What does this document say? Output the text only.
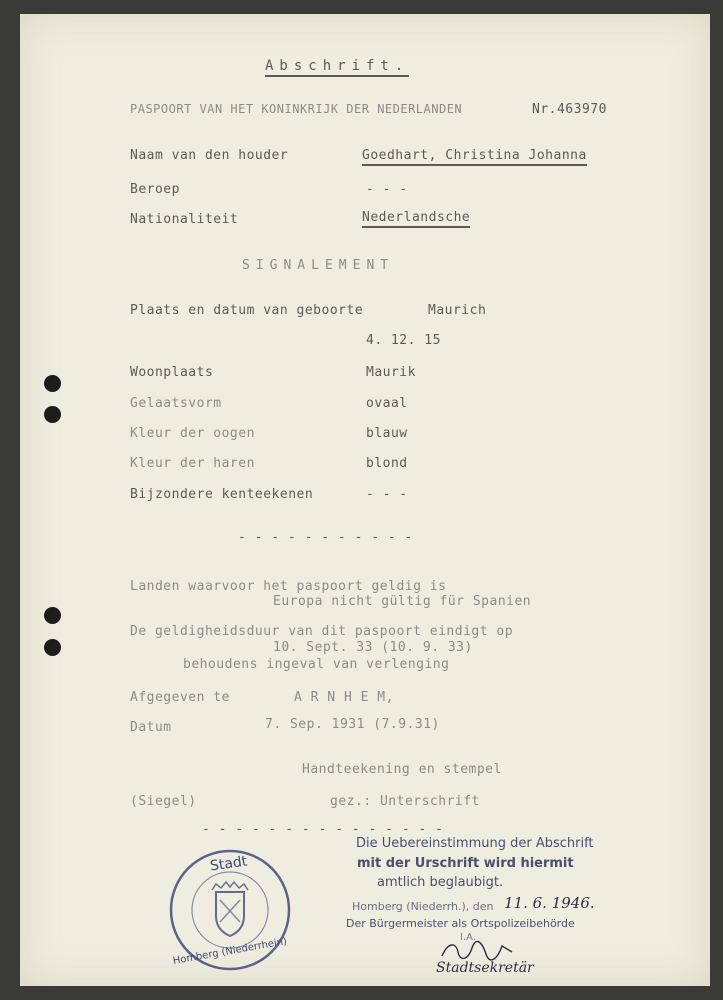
Abschrift.
PASPOORT VAN HET KONINKRIJK DER NEDERLANDEN	Nr.463970
Naam van den houder	Goedhart, Christina Johanna
Beroep	- - -
Nationaliteit	Nederlandsche
SIGNALEMENT
Plaats en datum van geboorte	Maurich
4. 12. 15
Woonplaats	Maurik
Gelaatsvorm	ovaal
Kleur der oogen	blauw
Kleur der haren	blond
Bijzondere kenteekenen	- - -
- - - - - - - - - - -
Landen waarvoor het paspoort geldig is
Europa nicht gültig für Spanien
De geldigheidsduur van dit paspoort eindigt op
10. Sept. 33 (10. 9. 33)
behoudens ingeval van verlenging
Afgegeven te	A R N H E M,
Datum	7. Sep. 1931 (7.9.31)
Handteekening en stempel
(Siegel)	gez.: Unterschrift
- - - - - - - - - - - - - - -
Die Uebereinstimmung der Abschrift
mit der Urschrift wird hiermit
amtlich beglaubigt.
Homberg (Niederrh.), den 11. 6. 1946.
Der Bürgermeister als Ortspolizeibehörde
I.A.
Stadtsekretär
Stadt
Homberg (Niederrhein)
